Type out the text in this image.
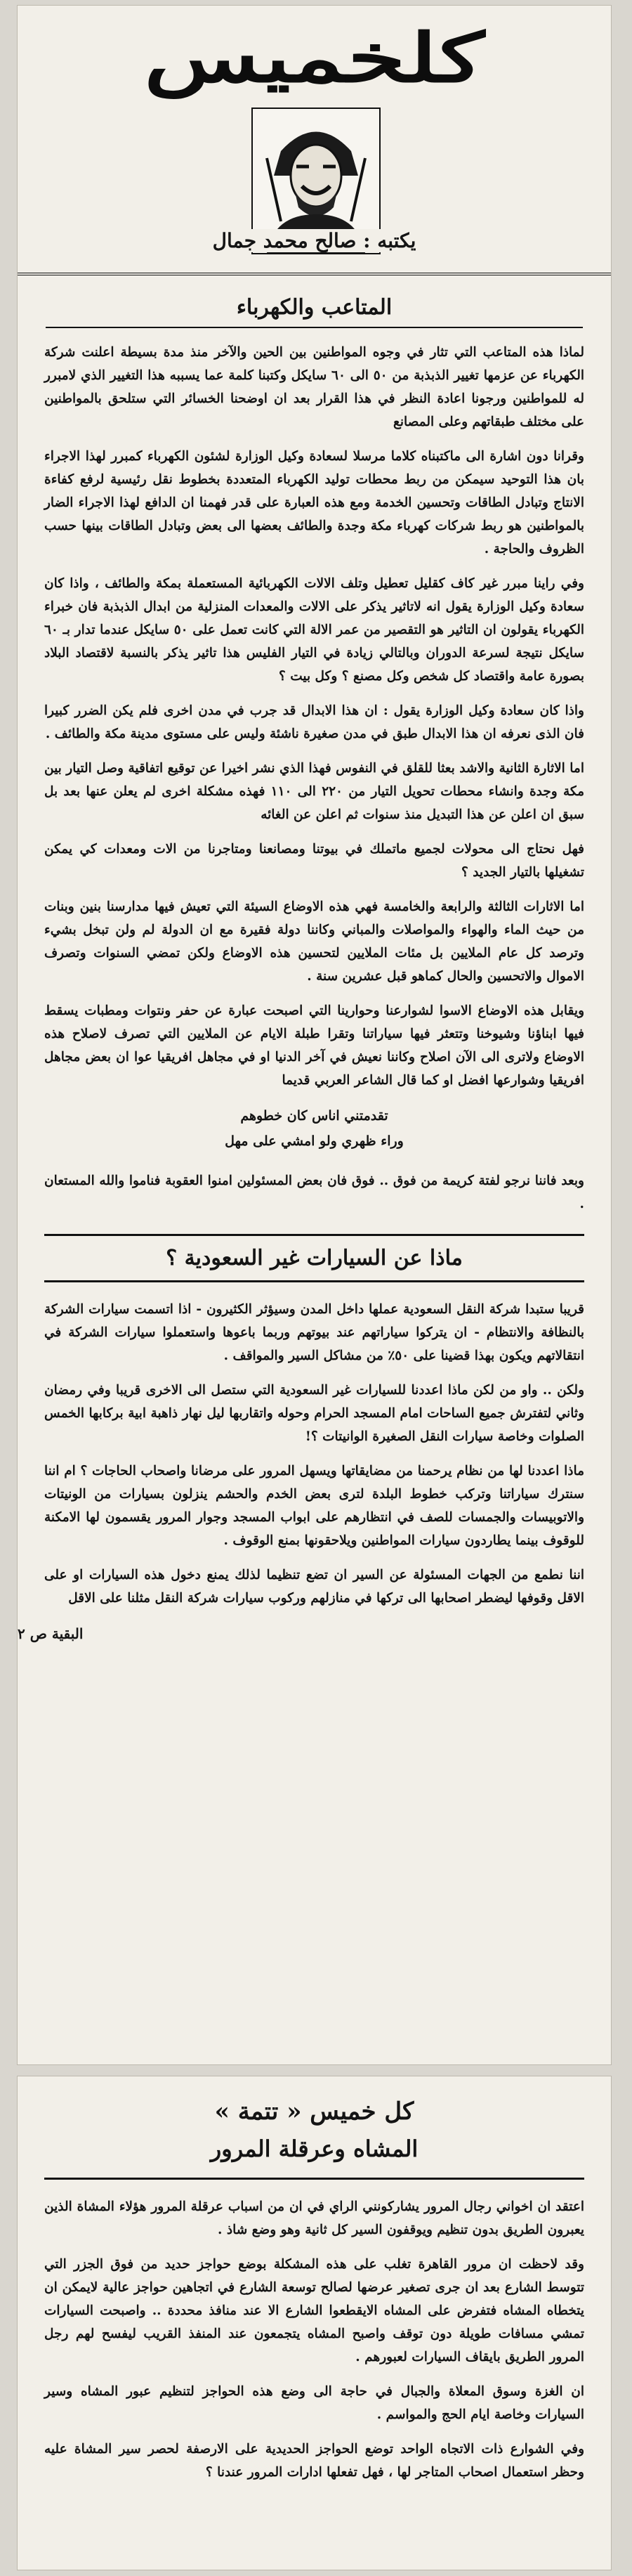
كلخميس
يكتبه : صالح محمد جمال
المتاعب والكهرباء

لماذا هذه المتاعب التي تثار في وجوه المواطنين بين الحين والآخر منذ مدة بسيطة اعلنت شركة الكهرباء عن عزمها تغيير الذبذبة من ٥٠ الى ٦٠ سايكل وكتبنا كلمة عما يسببه هذا التغيير الذي لامبرر له للمواطنين ورجونا اعادة النظر في هذا القرار بعد ان اوضحنا الخسائر التي ستلحق بالمواطنين على مختلف طبقاتهم وعلى المصانع

وقرانا دون اشارة الى ماكتبناه كلاما مرسلا لسعادة وكيل الوزارة لشئون الكهرباء كمبرر لهذا الاجراء بان هذا التوحيد سيمكن من ربط محطات توليد الكهرباء المتعددة بخطوط نقل رئيسية لرفع كفاءة الانتاج وتبادل الطاقات وتحسين الخدمة ومع هذه العبارة على قدر فهمنا ان الدافع لهذا الاجراء الضار بالمواطنين هو ربط شركات كهرباء مكة وجدة والطائف بعضها الى بعض وتبادل الطاقات بينها حسب الظروف والحاجة .

وفي راينا مبرر غير كاف كقليل تعطيل وتلف الالات الكهربائية المستعملة بمكة والطائف ، واذا كان سعادة وكيل الوزارة يقول انه لاتاثير يذكر على الالات والمعدات المنزلية من ابدال الذبذبة فان خبراء الكهرباء يقولون ان التاثير هو التقصير من عمر الالة التي كانت تعمل على ٥٠ سايكل عندما تدار بـ ٦٠ سايكل نتيجة لسرعة الدوران وبالتالي زيادة في التيار الفليس هذا تاثير يذكر بالنسبة لاقتصاد البلاد بصورة عامة واقتصاد كل شخص وكل مصنع ؟ وكل بيت ؟

واذا كان سعادة وكيل الوزارة يقول : ان هذا الابدال قد جرب في مدن اخرى فلم يكن الضرر كبيرا فان الذى نعرفه ان هذا الابدال طبق في مدن صغيرة ناشئة وليس على مستوى مدينة مكة والطائف .

اما الاثارة الثانية والاشد بعثا للقلق في النفوس فهذا الذي نشر اخيرا عن توقيع اتفاقية وصل التيار بين مكة وجدة وانشاء محطات تحويل التيار من ٢٢٠ الى ١١٠ فهذه مشكلة اخرى لم يعلن عنها بعد بل سبق ان اعلن عن هذا التبديل منذ سنوات ثم اعلن عن الغائه

فهل نحتاج الى محولات لجميع ماتملك في بيوتنا ومصانعنا ومتاجرنا من الات ومعدات كي يمكن تشغيلها بالتيار الجديد ؟

اما الاثارات الثالثة والرابعة والخامسة فهي هذه الاوضاع السيئة التي تعيش فيها مدارسنا بنين وبنات من حيث الماء والهواء والمواصلات والمباني وكاننا دولة فقيرة مع ان الدولة لم ولن تبخل بشيء وترصد كل عام الملايين بل مئات الملايين لتحسين هذه الاوضاع ولكن تمضي السنوات وتصرف الاموال والاتحسين والحال كماهو قبل عشرين سنة .

ويقابل هذه الاوضاع الاسوا لشوارعنا وحوارينا التي اصبحت عبارة عن حفر ونتوات ومطبات يسقط فيها ابناؤنا وشيوخنا وتتعثر فيها سياراتنا وتقرا طبلة الايام عن الملايين التي تصرف لاصلاح هذه الاوضاع ولاترى الى الآن اصلاح وكاننا نعيش في آخر الدنيا او في مجاهل افريقيا عوا ان بعض مجاهل افريقيا وشوارعها افضل او كما قال الشاعر العربي قديما

تقدمتني اناس كان خطوهم
وراء ظهري ولو امشي على مهل

وبعد فاننا نرجو لفتة كريمة من فوق .. فوق فان بعض المسئولين امنوا العقوبة فناموا والله المستعان .

ماذا عن السيارات غير السعودية ؟

قريبا ستبدا شركة النقل السعودية عملها داخل المدن وسيؤثر الكثيرون - اذا اتسمت سيارات الشركة بالنظافة والانتظام - ان يتركوا سياراتهم عند بيوتهم وربما باعوها واستعملوا سيارات الشركة في انتقالاتهم ويكون بهذا قضينا على ٥٠٪ من مشاكل السير والمواقف .

ولكن .. واو من لكن ماذا اعددنا للسيارات غير السعودية التي ستصل الى الاخرى قريبا وفي رمضان وثاني لتفترش جميع الساحات امام المسجد الحرام وحوله واتقاربها ليل نهار ذاهبة ابية بركابها الخمس الصلوات وخاصة سيارات النقل الصغيرة الوانيتات ؟!

ماذا اعددنا لها من نظام يرحمنا من مضايقاتها ويسهل المرور على مرضانا واصحاب الحاجات ؟ ام اننا سنترك سياراتنا وتركب خطوط البلدة لترى بعض الخدم والحشم ينزلون بسيارات من الونيتات والاتوبيسات والجمسات للصف في انتظارهم على ابواب المسجد وجوار المرور يقسمون لها الامكنة للوقوف بينما يطاردون سيارات المواطنين ويلاحقونها بمنع الوقوف .

اننا نطمع من الجهات المسئولة عن السير ان تضع تنظيما لذلك يمنع دخول هذه السيارات او على الاقل وقوفها ليضطر اصحابها الى تركها في منازلهم وركوب سيارات شركة النقل مثلنا على الاقل

البقية ص ٢
كل خميس « تتمة »
المشاه وعرقلة المرور

اعتقد ان اخواني رجال المرور يشاركونني الراي في ان من اسباب عرقلة المرور هؤلاء المشاة الذين يعبرون الطريق بدون تنظيم ويوقفون السير كل ثانية وهو وضع شاذ .

وقد لاحظت ان مرور القاهرة تغلب على هذه المشكلة بوضع حواجز حديد من فوق الجزر التي تتوسط الشارع بعد ان جرى تصغير عرضها لصالح توسعة الشارع في اتجاهين حواجز عالية لايمكن ان يتخطاه المشاه فتفرض على المشاه الايقطعوا الشارع الا عند منافذ محددة .. واصبحت السيارات تمشي مسافات طويلة دون توقف واصبح المشاه يتجمعون عند المنفذ القريب ليفسح لهم رجل المرور الطريق بايقاف السيارات لعبورهم .

ان الغزة وسوق المعلاة والجبال في حاجة الى وضع هذه الحواجز لتنظيم عبور المشاه وسير السيارات وخاصة ايام الحج والمواسم .

وفي الشوارع ذات الاتجاه الواحد توضع الحواجز الحديدية على الارصفة لحصر سير المشاة عليه وحظر استعمال اصحاب المتاجر لها ، فهل تفعلها ادارات المرور عندنا ؟
